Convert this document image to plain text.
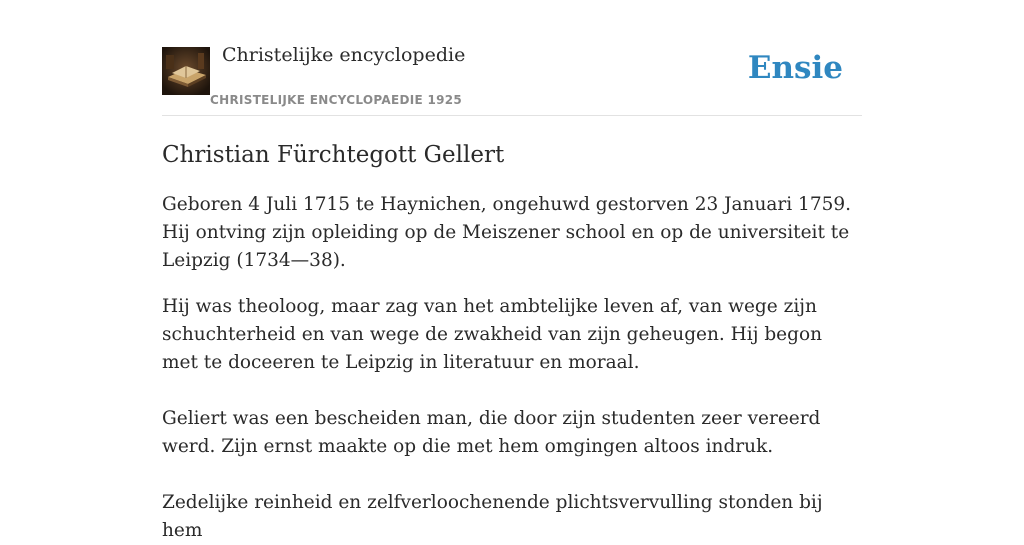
Christelijke encyclopedie
CHRISTELIJKE ENCYCLOPAEDIE 1925
Ensie
Christian Fürchtegott Gellert

Geboren 4 Juli 1715 te Haynichen, ongehuwd gestorven 23 Januari 1759. Hij ontving zijn opleiding op de Meiszener school en op de universiteit te Leipzig (1734—38).

Hij was theoloog, maar zag van het ambtelijke leven af, van wege zijn schuchterheid en van wege de zwakheid van zijn geheugen. Hij begon met te doceeren te Leipzig in literatuur en moraal.

Geliert was een bescheiden man, die door zijn studenten zeer vereerd werd. Zijn ernst maakte op die met hem omgingen altoos indruk.

Zedelijke reinheid en zelfverloochenende plichtsvervulling stonden bij hem
